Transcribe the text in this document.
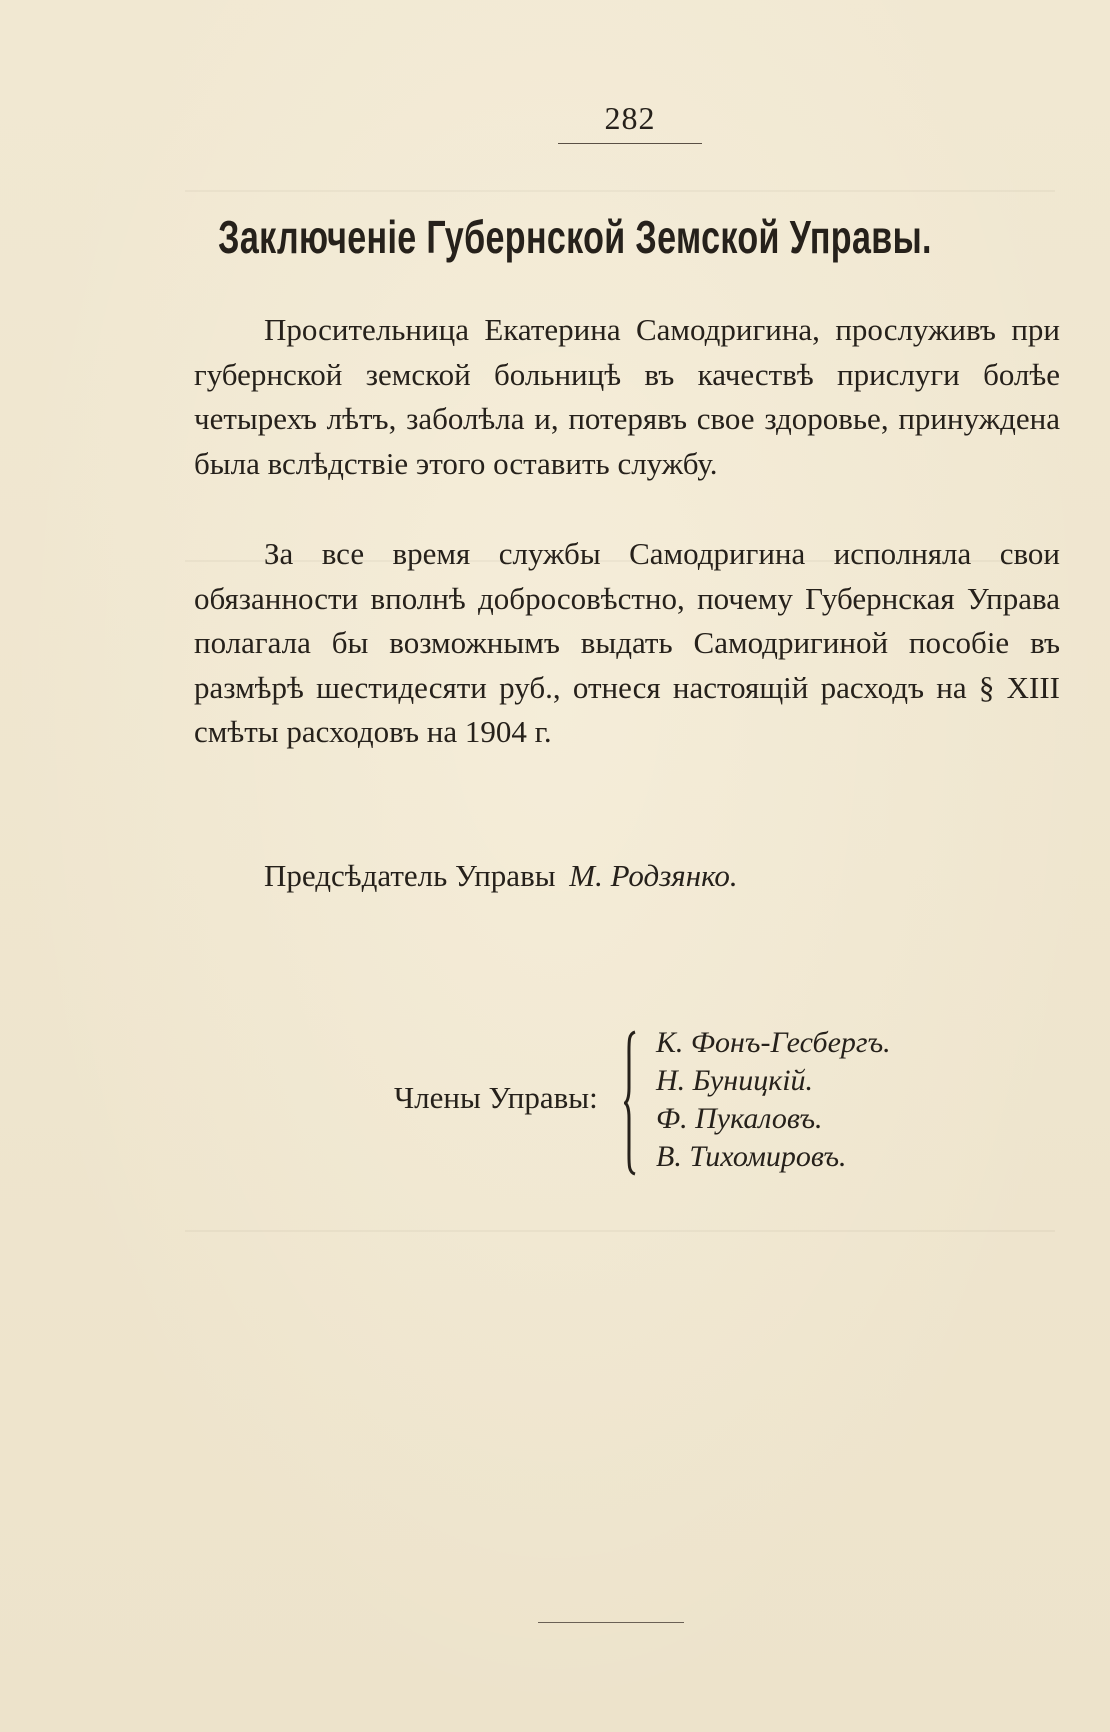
282
Заключенiе Губернской Земской Управы.

Просительница Екатерина Самодригина, прослуживъ при губернской земской больницѣ въ качествѣ прислуги болѣе четырехъ лѣтъ, заболѣла и, потерявъ свое здоровье, принуждена была вслѣдствiе этого оставить службу.

За все время службы Самодригина исполняла свои обязанности вполнѣ добросовѣстно, почему Губернская Управа полагала бы возможнымъ выдать Самодригиной пособiе въ размѣрѣ шестидесяти руб., отнеся настоящiй расходъ на § XIII смѣты расходовъ на 1904 г.

Предсѣдатель Управы М. Родзянко.
Члены Управы:
К. Фонъ-Гесбергъ.
Н. Буницкiй.
Ф. Пукаловъ.
В. Тихомировъ.
